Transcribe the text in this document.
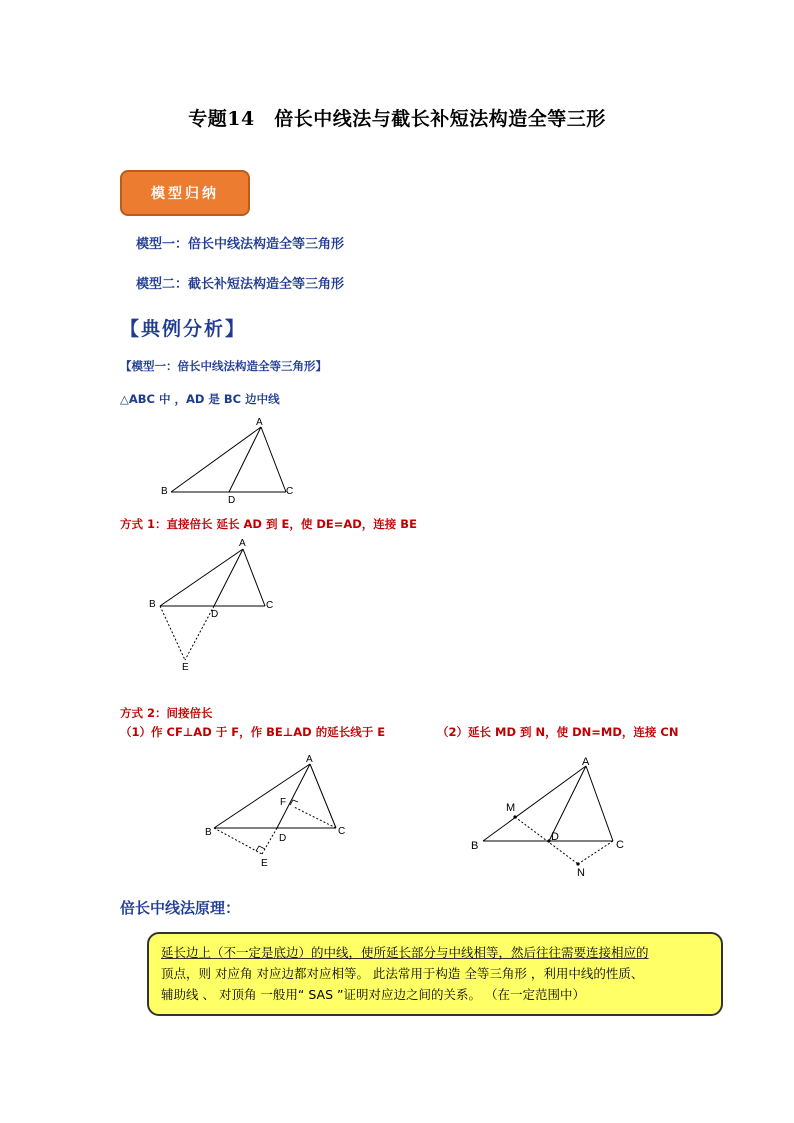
专题14　倍长中线法与截长补短法构造全等三形
模型归纳
模型一：倍长中线法构造全等三角形
模型二：截长补短法构造全等三角形
【典例分析】
【模型一：倍长中线法构造全等三角形】
△ABC 中 ，AD 是 BC 边中线
A
B	C
D
方式 1：直接倍长 延长 AD 到 E，使 DE=AD，连接 BE
A
B	C
D
E
方式 2：间接倍长
（1）作 CF⊥AD 于 F，作 BE⊥AD 的延长线于 E	（2）延长 MD 到 N，使 DN=MD，连接 CN
A
B	C
D
F
E
A
B	C
D
M
N
倍长中线法原理：
延长边上（不一定是底边）的中线，使所延长部分与中线相等，然后往往需要连接相应的
顶点，则 对应角 对应边都对应相等。 此法常用于构造 全等三角形 ，利用中线的性质、
辅助线 、 对顶角 一般用“ SAS ”证明对应边之间的关系。 （在一定范围中）
